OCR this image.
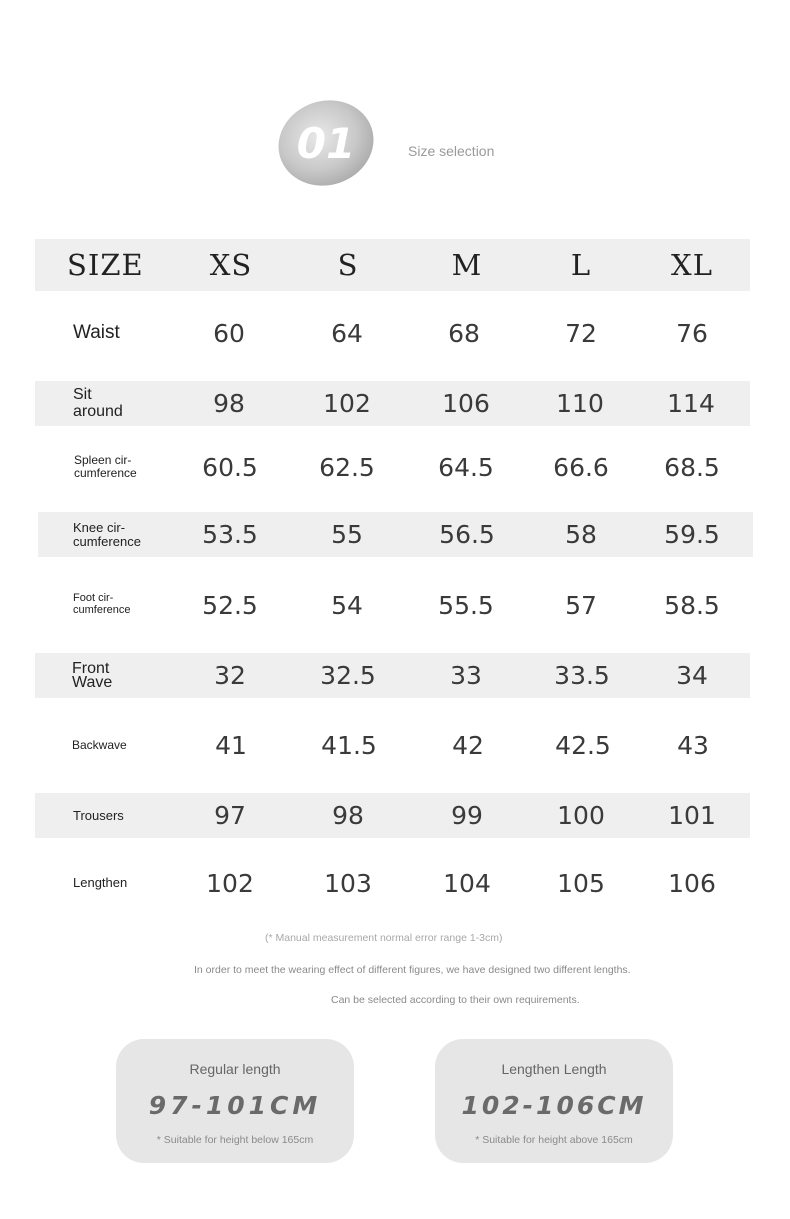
01	Size selection
SIZE XS	S	M	L	XL
Waist	60	64	68	72	76
Sit
around	98	102	106	110	114
Spleen cir-
cumference	60.5 62.5	64.5 66.6 68.5
Knee cir-
cumference 53.5	55	56.5	58	59.5
Foot cir-
cumference	52.5	54	55.5	57	58.5
Front
Wave	32	32.5	33	33.5	34
Backwave	41	41.5	42	42.5	43
Trousers	97	98	99	100	101
Lengthen	102	103	104	105	106
(* Manual measurement normal error range 1-3cm)
In order to meet the wearing effect of different figures, we have designed two different lengths.
Can be selected according to their own requirements.
Regular length
97-101CM
* Suitable for height below 165cm
Lengthen Length
102-106CM
* Suitable for height above 165cm
